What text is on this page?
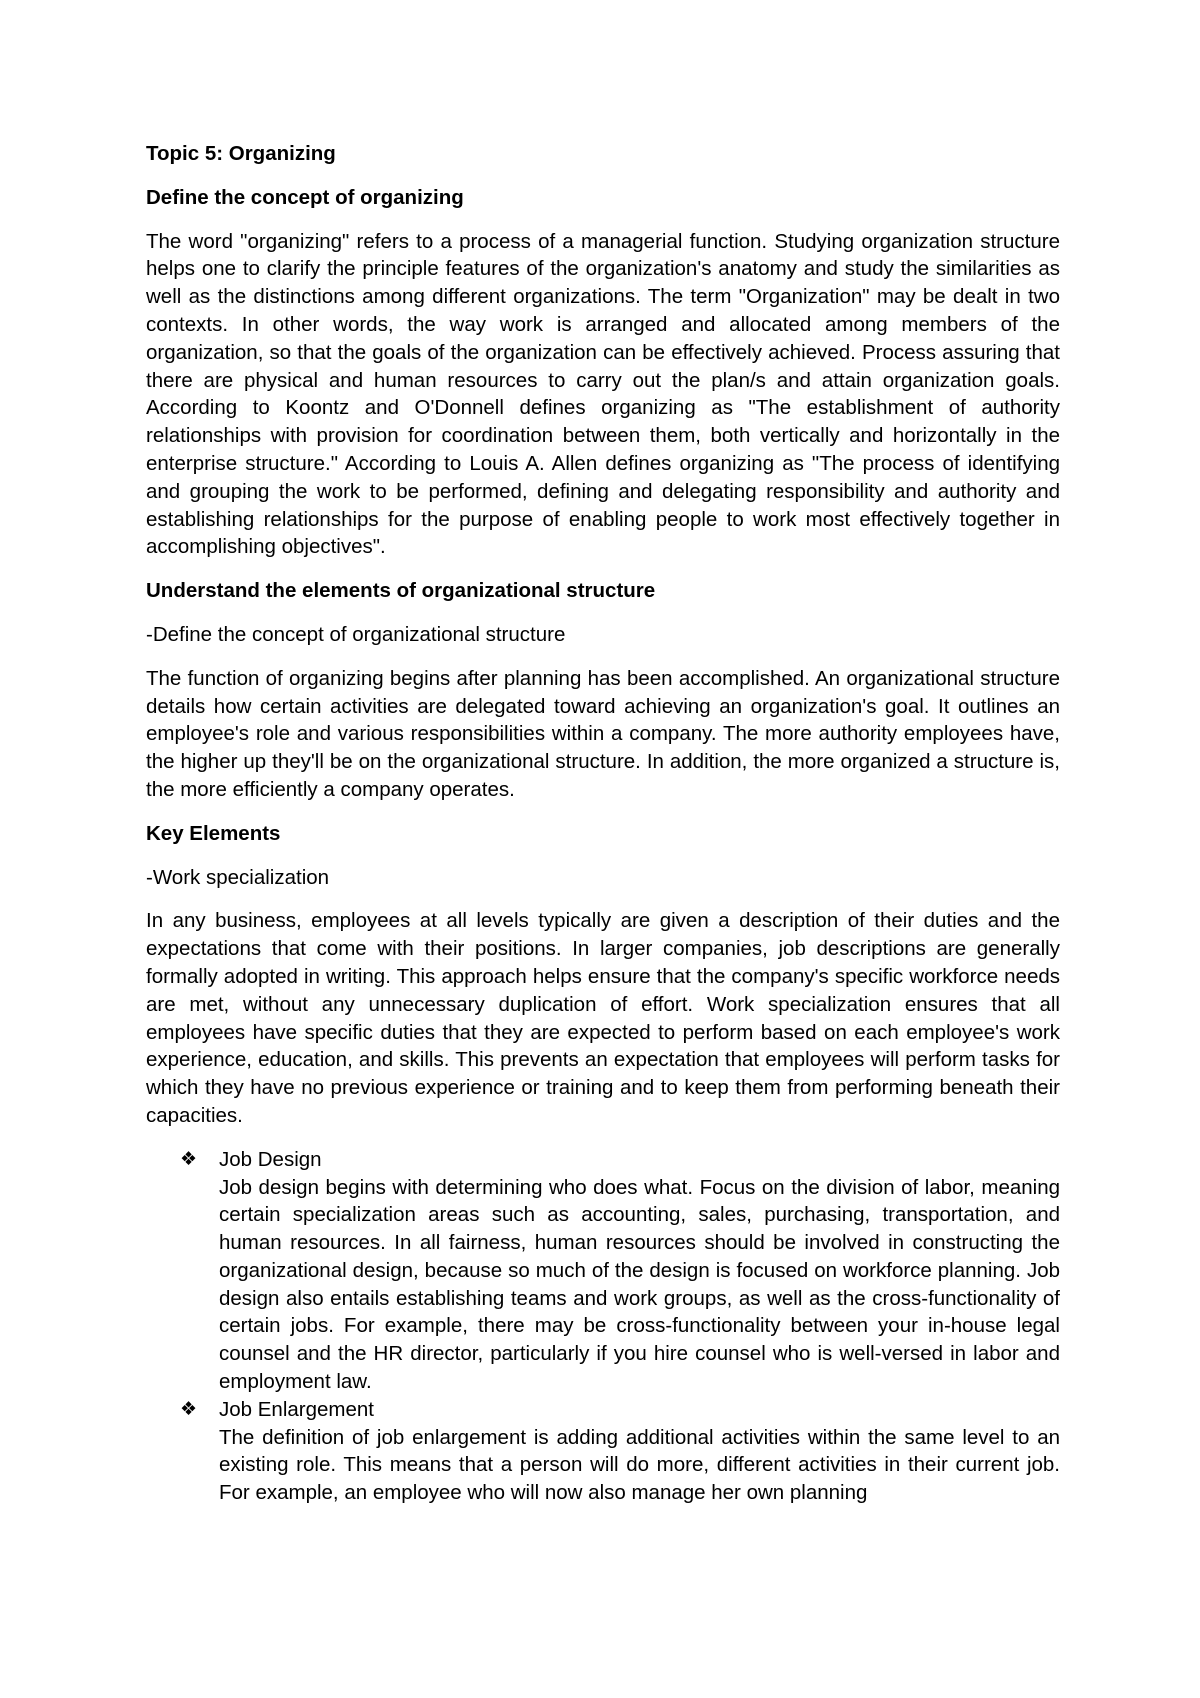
Topic 5: Organizing
Define the concept of organizing
The word "organizing" refers to a process of a managerial function. Studying organization structure helps one to clarify the principle features of the organization's anatomy and study the similarities as well as the distinctions among different organizations. The term "Organization" may be dealt in two contexts. In other words, the way work is arranged and allocated among members of the organization, so that the goals of the organization can be effectively achieved. Process assuring that there are physical and human resources to carry out the plan/s and attain organization goals. According to Koontz and O'Donnell defines organizing as "The establishment of authority relationships with provision for coordination between them, both vertically and horizontally in the enterprise structure." According to Louis A. Allen defines organizing as "The process of identifying and grouping the work to be performed, defining and delegating responsibility and authority and establishing relationships for the purpose of enabling people to work most effectively together in accomplishing objectives".
Understand the elements of organizational structure
-Define the concept of organizational structure
The function of organizing begins after planning has been accomplished. An organizational structure details how certain activities are delegated toward achieving an organization's goal. It outlines an employee's role and various responsibilities within a company. The more authority employees have, the higher up they'll be on the organizational structure. In addition, the more organized a structure is, the more efficiently a company operates.
Key Elements
-Work specialization
In any business, employees at all levels typically are given a description of their duties and the expectations that come with their positions. In larger companies, job descriptions are generally formally adopted in writing. This approach helps ensure that the company's specific workforce needs are met, without any unnecessary duplication of effort. Work specialization ensures that all employees have specific duties that they are expected to perform based on each employee's work experience, education, and skills. This prevents an expectation that employees will perform tasks for which they have no previous experience or training and to keep them from performing beneath their capacities.
❖ Job Design
Job design begins with determining who does what. Focus on the division of labor, meaning certain specialization areas such as accounting, sales, purchasing, transportation, and human resources. In all fairness, human resources should be involved in constructing the organizational design, because so much of the design is focused on workforce planning. Job design also entails establishing teams and work groups, as well as the cross-functionality of certain jobs. For example, there may be cross-functionality between your in-house legal counsel and the HR director, particularly if you hire counsel who is well-versed in labor and employment law.
❖ Job Enlargement
The definition of job enlargement is adding additional activities within the same level to an existing role. This means that a person will do more, different activities in their current job. For example, an employee who will now also manage her own planning
